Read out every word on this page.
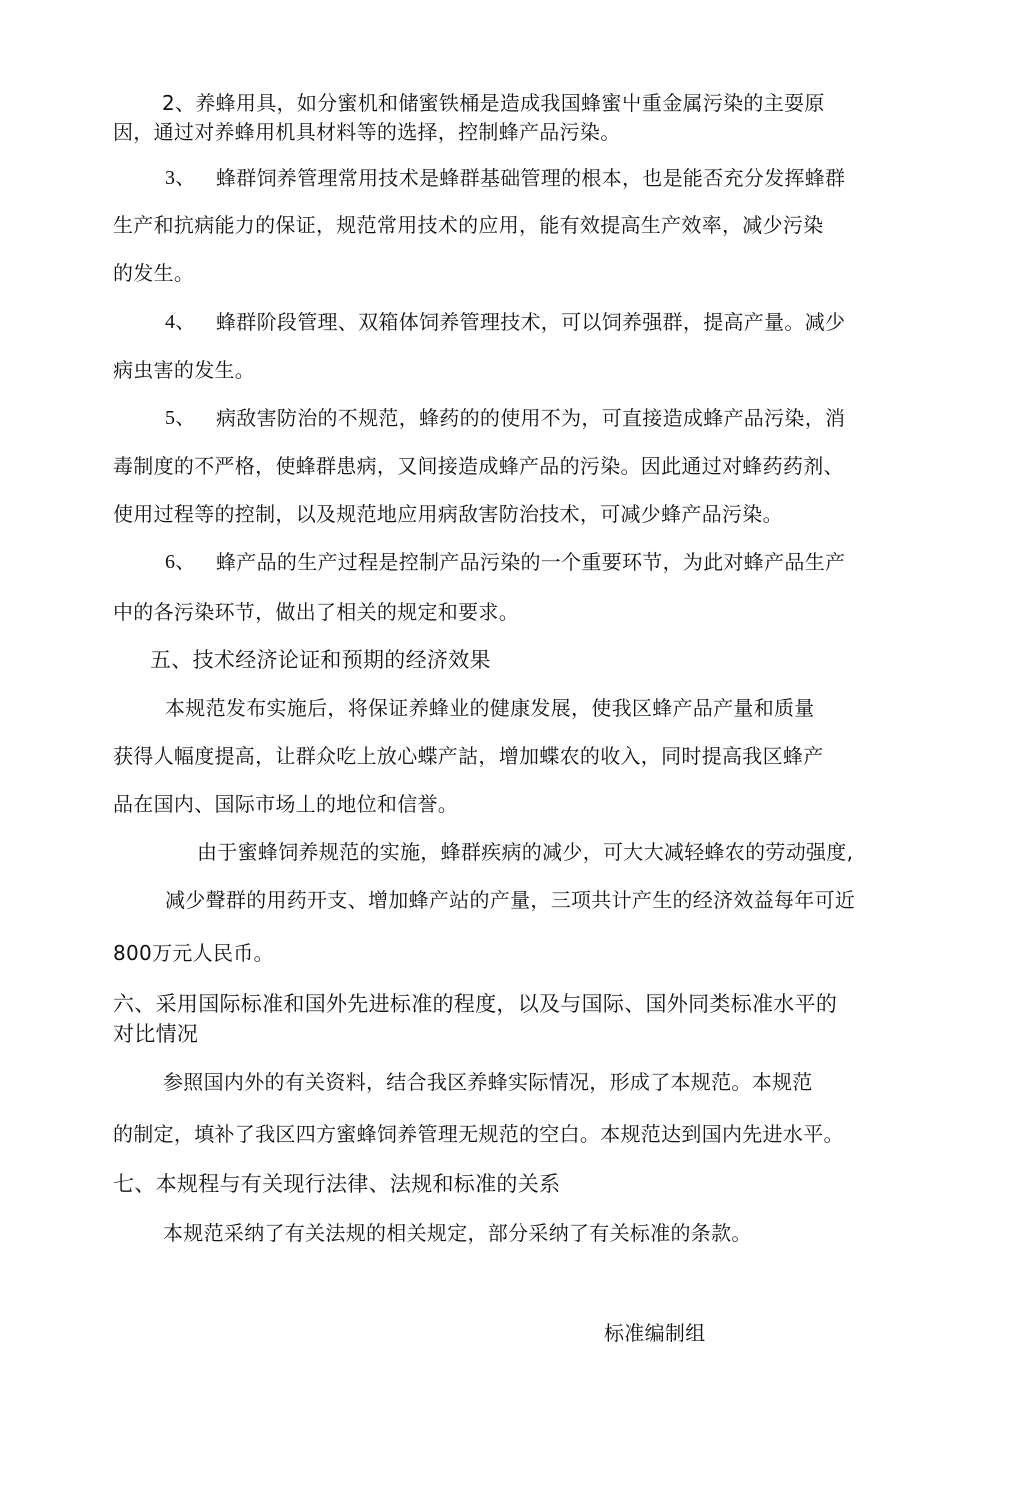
2、养蜂用具，如分蜜机和储蜜铁桶是造成我国蜂蜜屮重金属污染的主耍原
因，通过对养蜂用机具材料等的选择，控制蜂产品污染。
3、 蜂群饲养管理常用技术是蜂群基础管理的根本，也是能否充分发挥蜂群
生产和抗病能力的保证，规范常用技术的应用，能有效提高生产效率，减少污染
的发生。
4、 蜂群阶段管理、双箱体饲养管理技术，可以饲养强群，提高产量。减少
病虫害的发生。
5、 病敌害防治的不规范，蜂药的的使用不为，可直接造成蜂产品污染，消
毒制度的不严格，使蜂群患病，又间接造成蜂产品的污染。因此通过对蜂药药剂、
使用过程等的控制，以及规范地应用病敌害防治技术，可减少蜂产品污染。
6、 蜂产品的生产过程是控制产品污染的一个重要环节，为此对蜂产品生产
中的各污染环节，做出了相关的规定和要求。
五、技术经济论证和预期的经济效果
本规范发布实施后，将保证养蜂业的健康发展，使我区蜂产品产量和质量
获得人幅度提高，让群众吃上放心蝶产詁，增加蝶农的收入，同时提高我区蜂产
品在国内、国际市场丄的地位和信誉。
由于蜜蜂饲养规范的实施，蜂群疾病的减少，可大大减轻蜂农的劳动强度,
减少聲群的用药开支、增加蜂产站的产量，三项共计产生的经济效益每年可近
800万元人民币。
六、采用国际标准和国外先进标准的程度，以及与国际、国外同类标准水平的
对比情况
参照国内外的有关资料，结合我区养蜂实际情况，形成了本规范。本规范
的制定，填补了我区四方蜜蜂饲养管理无规范的空白。本规范达到国内先进水平。
七、本规程与有关现行法律、法规和标准的关系
本规范采纳了有关法规的相关规定，部分采纳了有关标准的条款。
标准编制组
